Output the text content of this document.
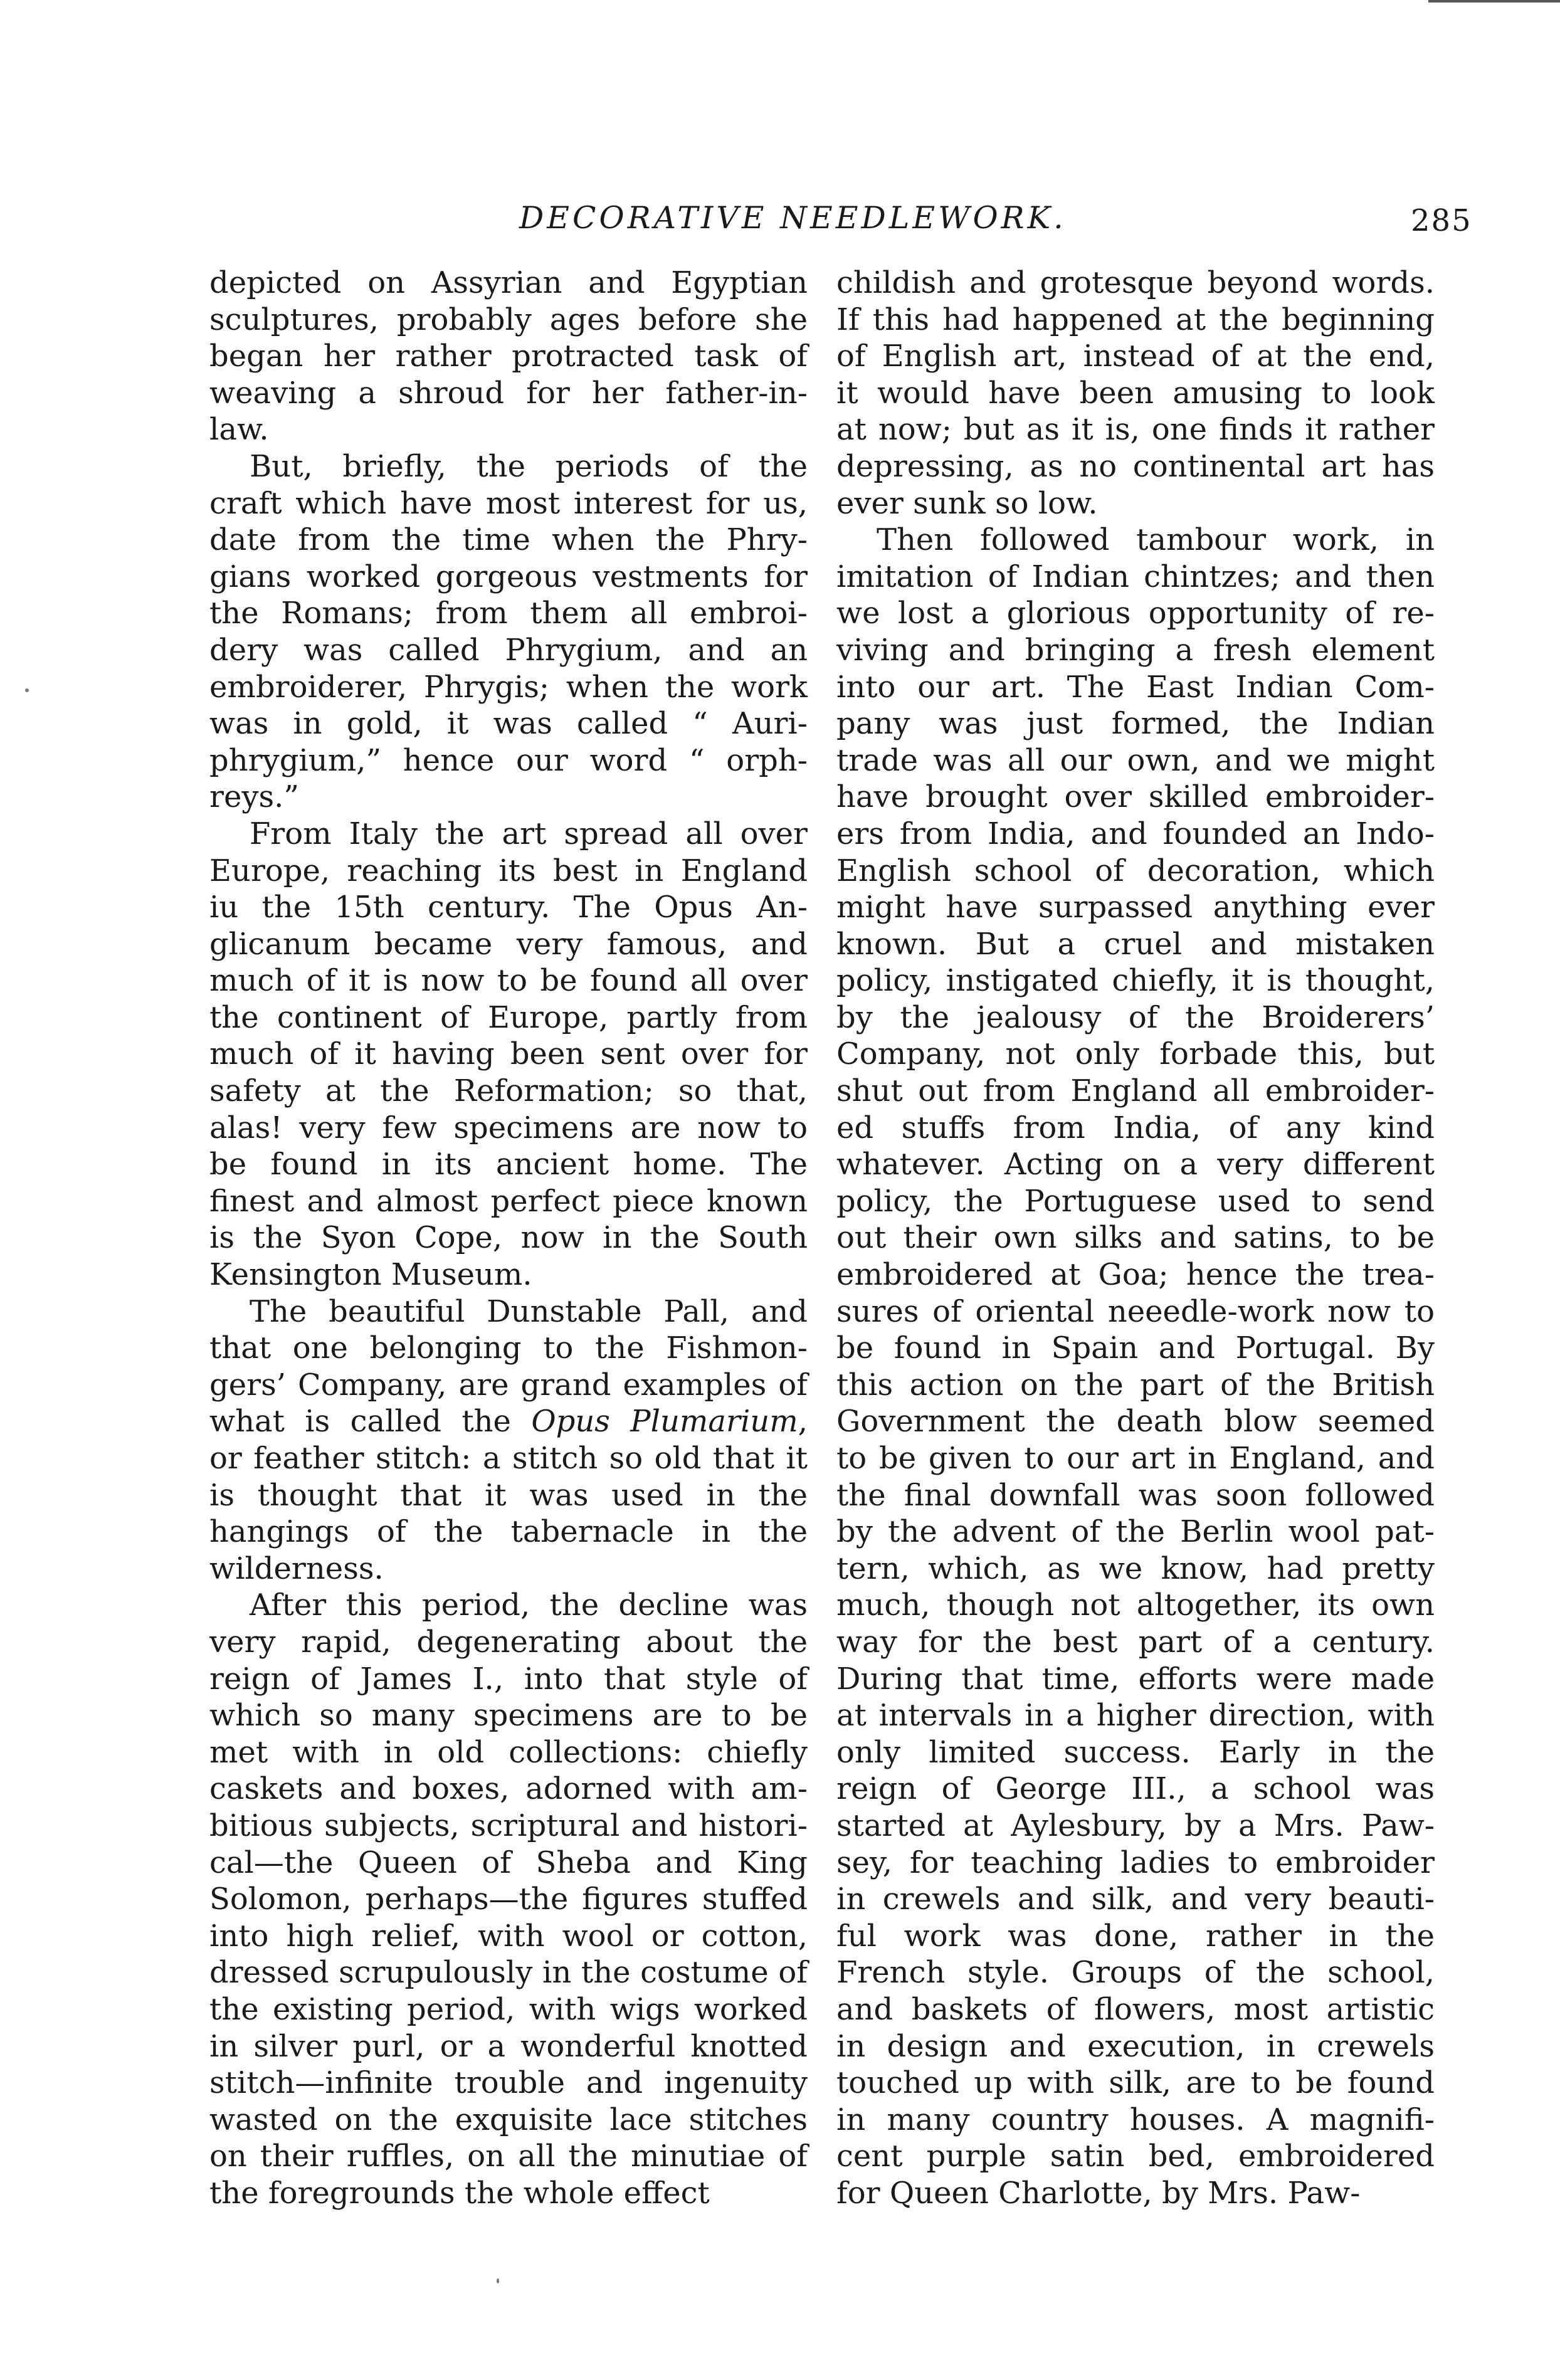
DECORATIVE NEEDLEWORK.	285
depicted on Assyrian and Egyptian
sculptures, probably ages before she
began her rather protracted task of
weaving a shroud for her father-in-
law.
But, briefly, the periods of the
craft which have most interest for us,
date from the time when the Phry-
gians worked gorgeous vestments for
the Romans; from them all embroi-
dery was called Phrygium, and an
embroiderer, Phrygis; when the work
was in gold, it was called “ Auri-
phrygium,” hence our word “ orph-
reys.”
From Italy the art spread all over
Europe, reaching its best in England
iu the 15th century. The Opus An-
glicanum became very famous, and
much of it is now to be found all over
the continent of Europe, partly from
much of it having been sent over for
safety at the Reformation; so that,
alas! very few specimens are now to
be found in its ancient home. The
finest and almost perfect piece known
is the Syon Cope, now in the South
Kensington Museum.
The beautiful Dunstable Pall, and
that one belonging to the Fishmon-
gers’ Company, are grand examples of
what is called the Opus Plumarium,
or feather stitch: a stitch so old that it
is thought that it was used in the
hangings of the tabernacle in the
wilderness.
After this period, the decline was
very rapid, degenerating about the
reign of James I., into that style of
which so many specimens are to be
met with in old collections: chiefly
caskets and boxes, adorned with am-
bitious subjects, scriptural and histori-
cal—the Queen of Sheba and King
Solomon, perhaps—the figures stuffed
into high relief, with wool or cotton,
dressed scrupulously in the costume of
the existing period, with wigs worked
in silver purl, or a wonderful knotted
stitch—infinite trouble and ingenuity
wasted on the exquisite lace stitches
on their ruffles, on all the minutiae of
the foregrounds the whole effect
childish and grotesque beyond words.
If this had happened at the beginning
of English art, instead of at the end,
it would have been amusing to look
at now; but as it is, one finds it rather
depressing, as no continental art has
ever sunk so low.
Then followed tambour work, in
imitation of Indian chintzes; and then
we lost a glorious opportunity of re-
viving and bringing a fresh element
into our art. The East Indian Com-
pany was just formed, the Indian
trade was all our own, and we might
have brought over skilled embroider-
ers from India, and founded an Indo-
English school of decoration, which
might have surpassed anything ever
known. But a cruel and mistaken
policy, instigated chiefly, it is thought,
by the jealousy of the Broiderers’
Company, not only forbade this, but
shut out from England all embroider-
ed stuffs from India, of any kind
whatever. Acting on a very different
policy, the Portuguese used to send
out their own silks and satins, to be
embroidered at Goa; hence the trea-
sures of oriental neeedle-work now to
be found in Spain and Portugal. By
this action on the part of the British
Government the death blow seemed
to be given to our art in England, and
the final downfall was soon followed
by the advent of the Berlin wool pat-
tern, which, as we know, had pretty
much, though not altogether, its own
way for the best part of a century.
During that time, efforts were made
at intervals in a higher direction, with
only limited success. Early in the
reign of George III., a school was
started at Aylesbury, by a Mrs. Paw-
sey, for teaching ladies to embroider
in crewels and silk, and very beauti-
ful work was done, rather in the
French style. Groups of the school,
and baskets of flowers, most artistic
in design and execution, in crewels
touched up with silk, are to be found
in many country houses. A magnifi-
cent purple satin bed, embroidered
for Queen Charlotte, by Mrs. Paw-
